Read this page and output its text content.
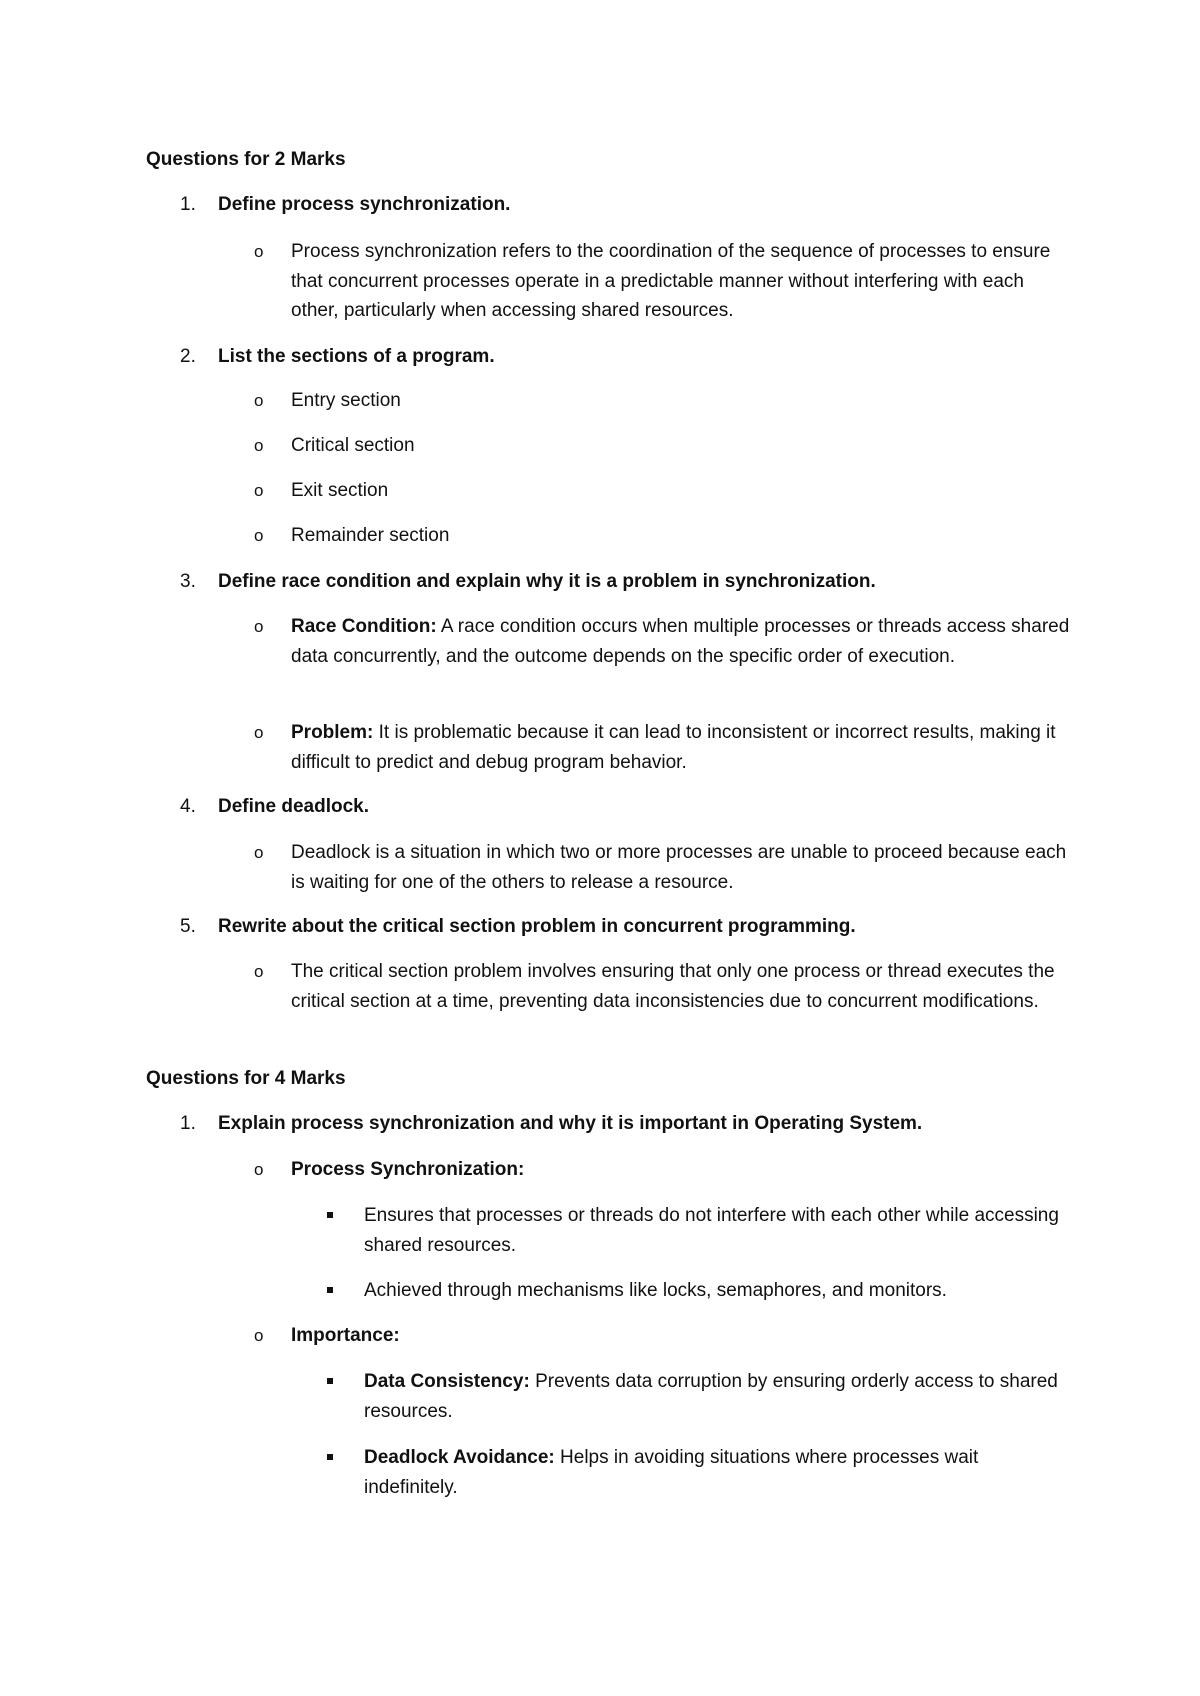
Questions for 2 Marks
1. Define process synchronization.
o	Process synchronization refers to the coordination of the sequence of processes to ensure that concurrent processes operate in a predictable manner without interfering with each other, particularly when accessing shared resources.
2. List the sections of a program.
o	Entry section
o	Critical section
o	Exit section
o	Remainder section
3. Define race condition and explain why it is a problem in synchronization.
o	Race Condition: A race condition occurs when multiple processes or threads access shared data concurrently, and the outcome depends on the specific order of execution.
o	Problem: It is problematic because it can lead to inconsistent or incorrect results, making it difficult to predict and debug program behavior.
4. Define deadlock.
o	Deadlock is a situation in which two or more processes are unable to proceed because each is waiting for one of the others to release a resource.
5. Rewrite about the critical section problem in concurrent programming.
o	The critical section problem involves ensuring that only one process or thread executes the critical section at a time, preventing data inconsistencies due to concurrent modifications.
Questions for 4 Marks
1. Explain process synchronization and why it is important in Operating System.
o	Process Synchronization:
Ensures that processes or threads do not interfere with each other while accessing shared resources.
Achieved through mechanisms like locks, semaphores, and monitors.
o	Importance:
Data Consistency: Prevents data corruption by ensuring orderly access to shared resources.
Deadlock Avoidance: Helps in avoiding situations where processes wait indefinitely.
